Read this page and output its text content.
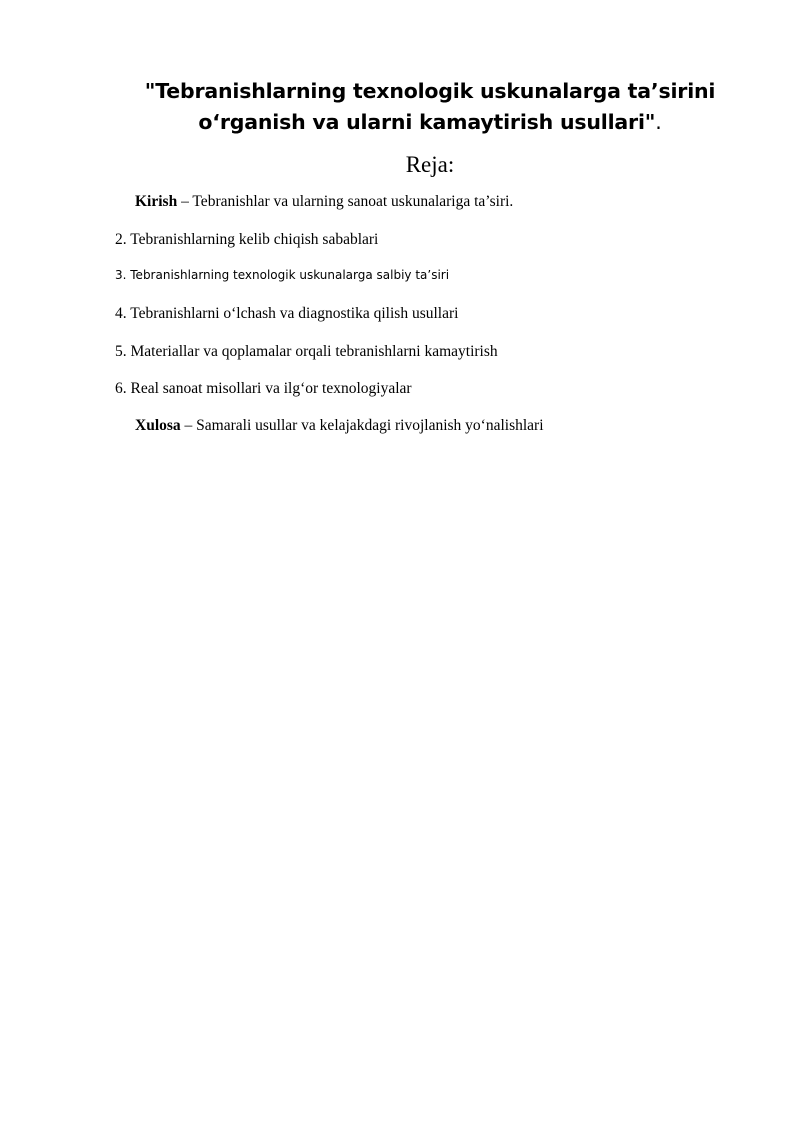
"Tebranishlarning texnologik uskunalarga ta’sirini o‘rganish va ularni kamaytirish usullari".
Reja:
Kirish – Tebranishlar va ularning sanoat uskunalariga ta’siri.
2. Tebranishlarning kelib chiqish sabablari
3. Tebranishlarning texnologik uskunalarga salbiy ta’siri
4. Tebranishlarni o‘lchash va diagnostika qilish usullari
5. Materiallar va qoplamalar orqali tebranishlarni kamaytirish
6. Real sanoat misollari va ilg‘or texnologiyalar
Xulosa – Samarali usullar va kelajakdagi rivojlanish yo‘nalishlari
